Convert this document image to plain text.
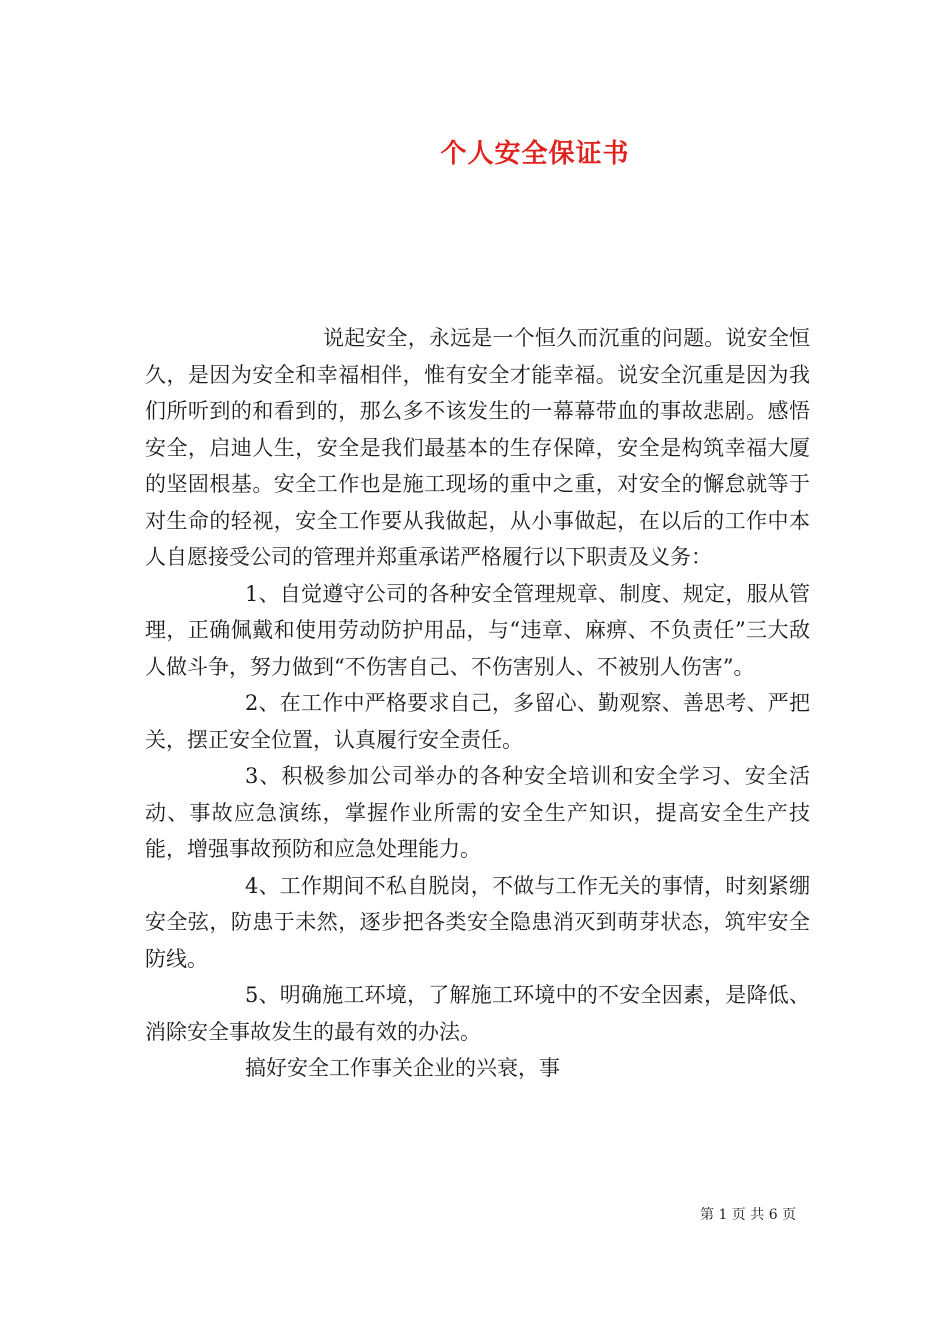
个人安全保证书

说起安全，永远是一个恒久而沉重的问题。说安全恒久，是因为安全和幸福相伴，惟有安全才能幸福。说安全沉重是因为我们所听到的和看到的，那么多不该发生的一幕幕带血的事故悲剧。感悟安全，启迪人生，安全是我们最基本的生存保障，安全是构筑幸福大厦的坚固根基。安全工作也是施工现场的重中之重，对安全的懈怠就等于对生命的轻视，安全工作要从我做起，从小事做起，在以后的工作中本人自愿接受公司的管理并郑重承诺严格履行以下职责及义务：

1、自觉遵守公司的各种安全管理规章、制度、规定，服从管理，正确佩戴和使用劳动防护用品，与“违章、麻痹、不负责任”三大敌人做斗争，努力做到“不伤害自己、不伤害别人、不被别人伤害”。

2、在工作中严格要求自己，多留心、勤观察、善思考、严把关，摆正安全位置，认真履行安全责任。

3、积极参加公司举办的各种安全培训和安全学习、安全活动、事故应急演练，掌握作业所需的安全生产知识，提高安全生产技能，增强事故预防和应急处理能力。

4、工作期间不私自脱岗，不做与工作无关的事情，时刻紧绷安全弦，防患于未然，逐步把各类安全隐患消灭到萌芽状态，筑牢安全防线。

5、明确施工环境，了解施工环境中的不安全因素，是降低、消除安全事故发生的最有效的办法。

搞好安全工作事关企业的兴衰，事

第 1 页 共 6 页
